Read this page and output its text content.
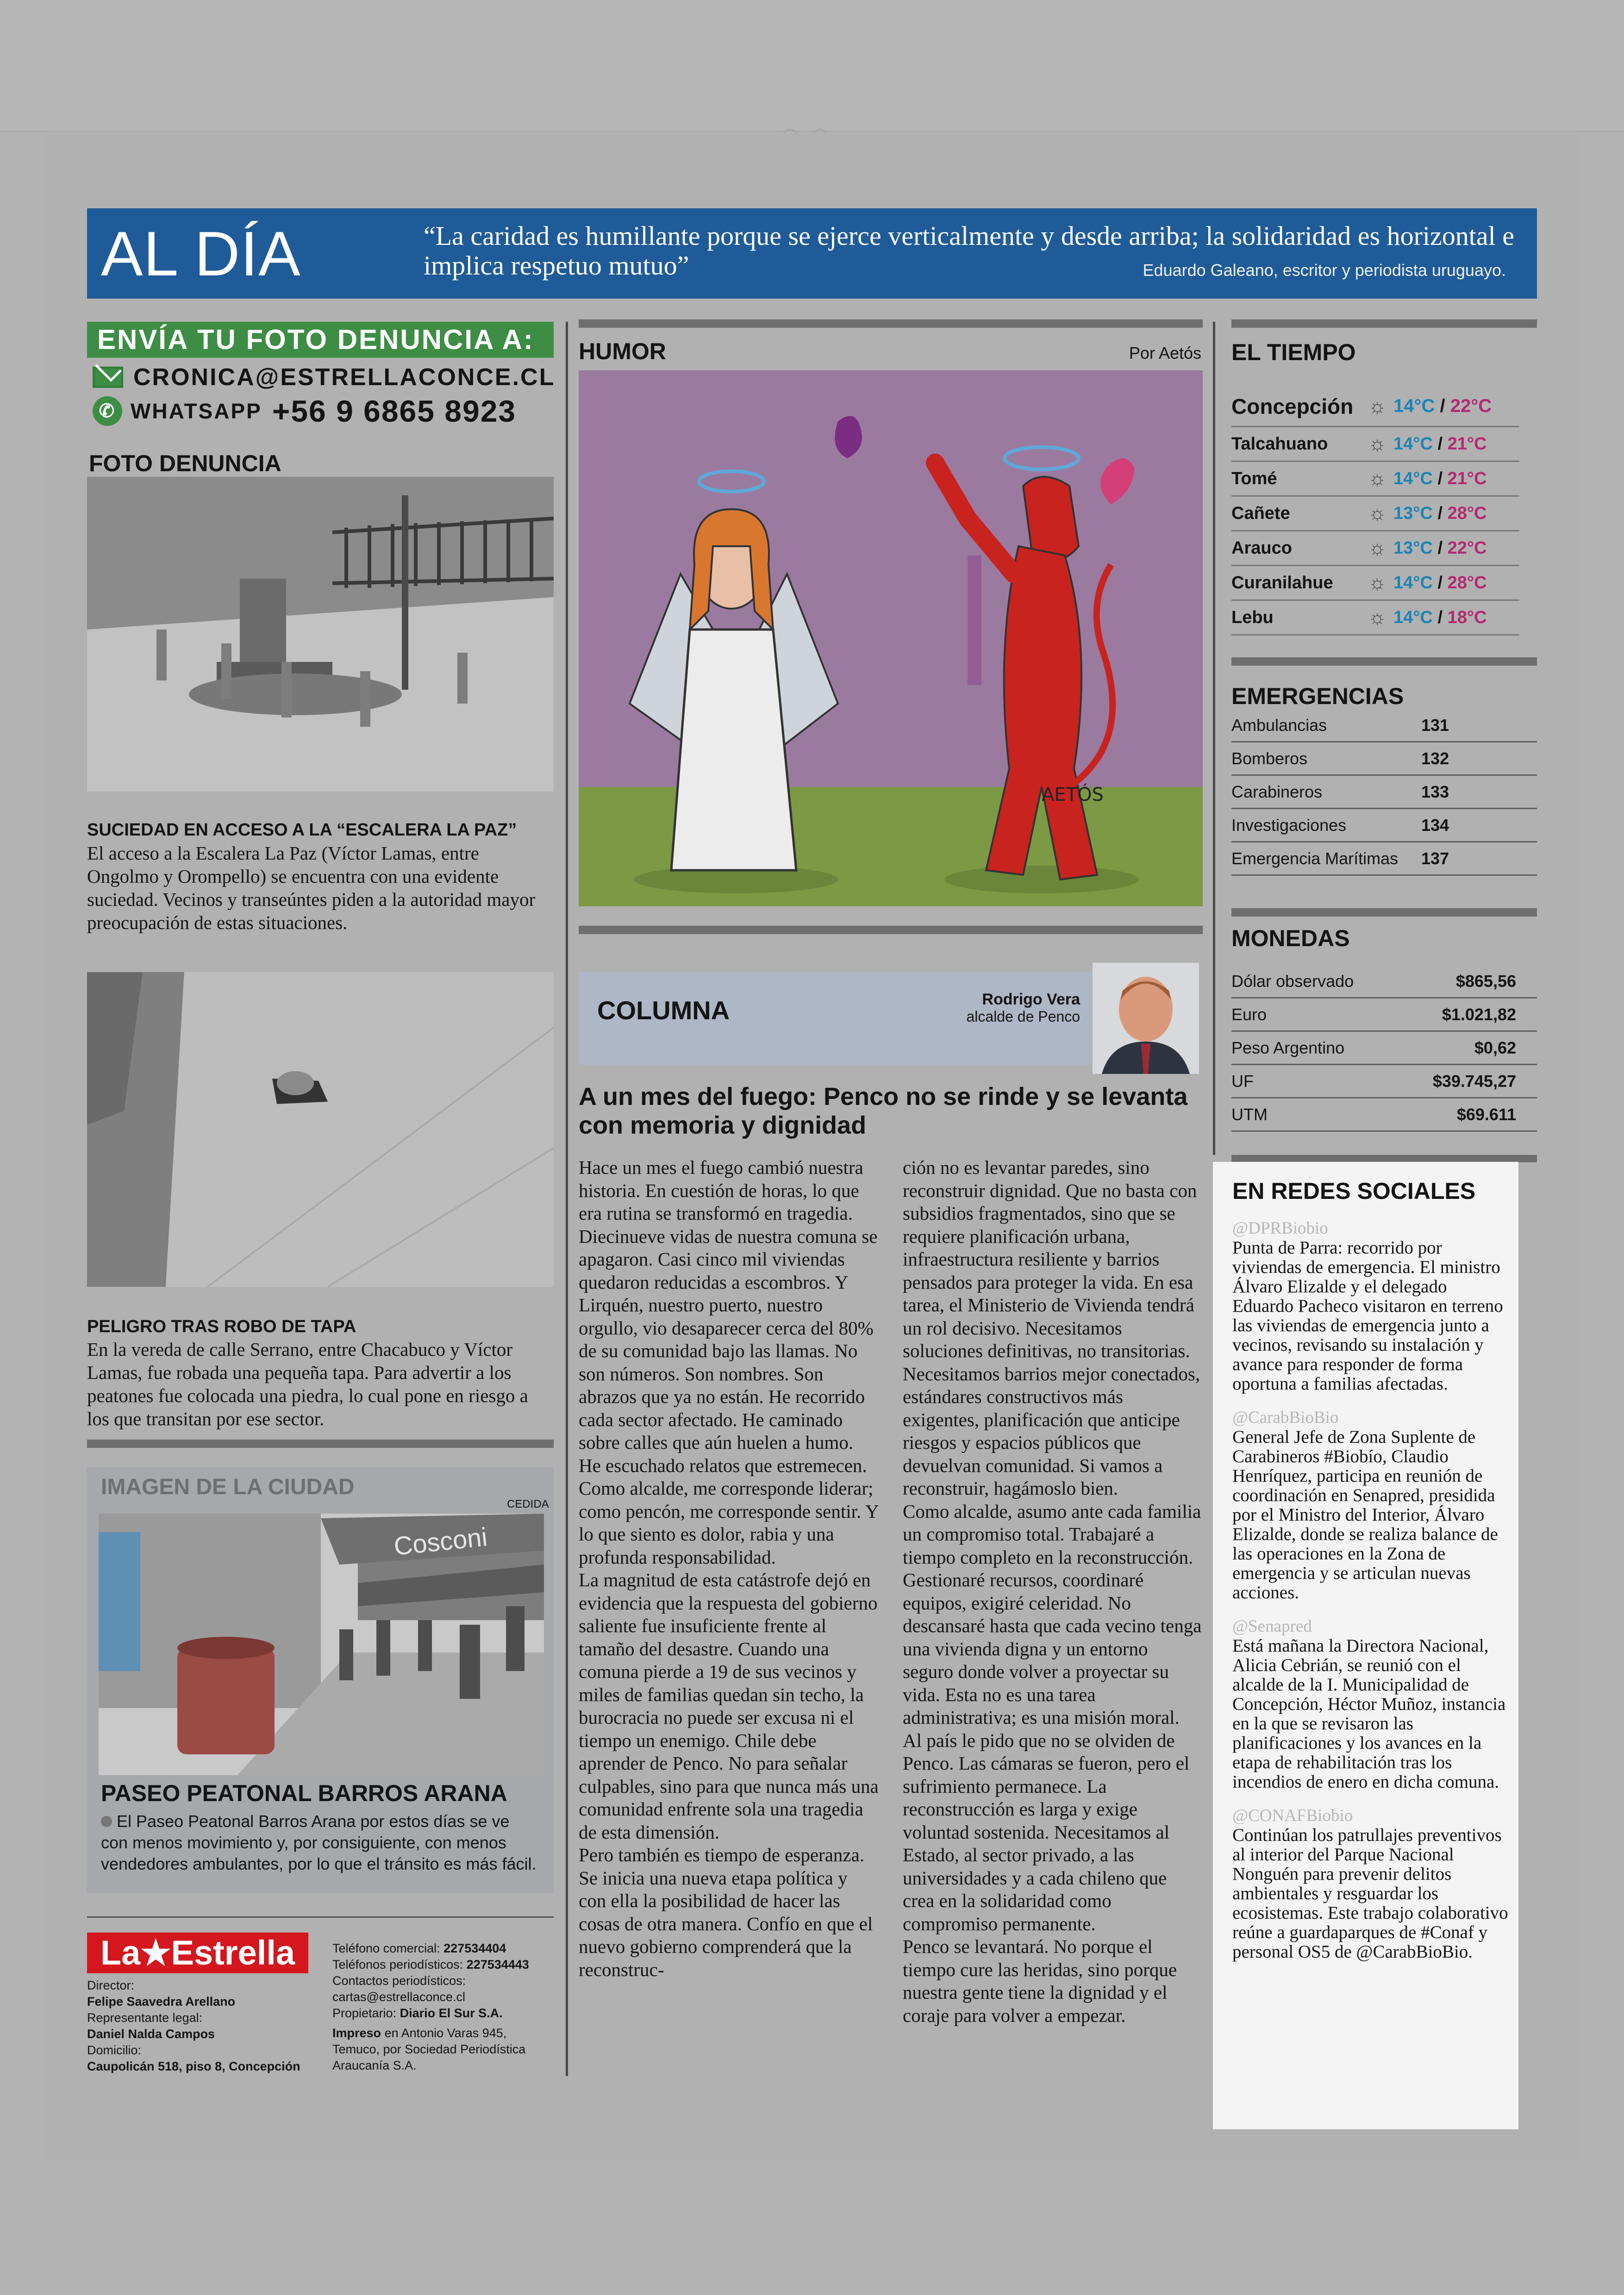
AL DÍA	“La caridad es humillante porque se ejerce verticalmente y desde arriba; la solidaridad es horizontal e implica respetuo mutuo”	Eduardo Galeano, escritor y periodista uruguayo.
ENVÍA TU FOTO DENUNCIA A:
CRONICA@ESTRELLACONCE.CL
✆ WHATSAPP +56 9 6865 8923
FOTO DENUNCIA
SUCIEDAD EN ACCESO A LA “ESCALERA LA PAZ”
El acceso a la Escalera La Paz (Víctor Lamas, entre Ongolmo y Orompello) se encuentra con una evidente suciedad. Vecinos y transeúntes piden a la autoridad mayor preocupación de estas situaciones.
PELIGRO TRAS ROBO DE TAPA
En la vereda de calle Serrano, entre Chacabuco y Víctor Lamas, fue robada una pequeña tapa. Para advertir a los peatones fue colocada una piedra, lo cual pone en riesgo a los que transitan por ese sector.
IMAGEN DE LA CIUDAD
CEDIDA
Cosconi
PASEO PEATONAL BARROS ARANA
El Paseo Peatonal Barros Arana por estos días se ve con menos movimiento y, por consiguiente, con menos vendedores ambulantes, por lo que el tránsito es más fácil.
La★Estrella
Director:
Felipe Saavedra Arellano
Representante legal:
Daniel Nalda Campos
Domicilio:
Caupolicán 518, piso 8, Concepción
Teléfono comercial: 227534404
Teléfonos periodísticos: 227534443
Contactos periodísticos:
cartas@estrellaconce.cl
Propietario: Diario El Sur S.A.
Impreso en Antonio Varas 945, Temuco, por Sociedad Periodística Araucanía S.A.
HUMOR	Por Aetós
AETÓS
COLUMNA	Rodrigo Vera
alcalde de Penco
A un mes del fuego: Penco no se rinde y se levanta con memoria y dignidad

Hace un mes el fuego cambió nuestra historia. En cuestión de horas, lo que era rutina se transformó en tragedia. Diecinueve vidas de nuestra comuna se apagaron. Casi cinco mil viviendas quedaron reducidas a escombros. Y Lirquén, nuestro puerto, nuestro orgullo, vio desaparecer cerca del 80% de su comunidad bajo las llamas. No son números. Son nombres. Son abrazos que ya no están. He recorrido cada sector afectado. He caminado sobre calles que aún huelen a humo. He escuchado relatos que estremecen. Como alcalde, me corresponde liderar; como pencón, me corresponde sentir. Y lo que siento es dolor, rabia y una profunda responsabilidad.

La magnitud de esta catástrofe dejó en evidencia que la respuesta del gobierno saliente fue insuficiente frente al tamaño del desastre. Cuando una comuna pierde a 19 de sus vecinos y miles de familias quedan sin techo, la burocracia no puede ser excusa ni el tiempo un enemigo. Chile debe aprender de Penco. No para señalar culpables, sino para que nunca más una comunidad enfrente sola una tragedia de esta dimensión.

Pero también es tiempo de esperanza. Se inicia una nueva etapa política y con ella la posibilidad de hacer las cosas de otra manera. Confío en que el nuevo gobierno comprenderá que la reconstruc-

ción no es levantar paredes, sino reconstruir dignidad. Que no basta con subsidios fragmentados, sino que se requiere planificación urbana, infraestructura resiliente y barrios pensados para proteger la vida. En esa tarea, el Ministerio de Vivienda tendrá un rol decisivo. Necesitamos soluciones definitivas, no transitorias. Necesitamos barrios mejor conectados, estándares constructivos más exigentes, planificación que anticipe riesgos y espacios públicos que devuelvan comunidad. Si vamos a reconstruir, hagámoslo bien.

Como alcalde, asumo ante cada familia un compromiso total. Trabajaré a tiempo completo en la reconstrucción. Gestionaré recursos, coordinaré equipos, exigiré celeridad. No descansaré hasta que cada vecino tenga una vivienda digna y un entorno seguro donde volver a proyectar su vida. Esta no es una tarea administrativa; es una misión moral.

Al país le pido que no se olviden de Penco. Las cámaras se fueron, pero el sufrimiento permanece. La reconstrucción es larga y exige voluntad sostenida. Necesitamos al Estado, al sector privado, a las universidades y a cada chileno que crea en la solidaridad como compromiso permanente.

Penco se levantará. No porque el tiempo cure las heridas, sino porque nuestra gente tiene la dignidad y el coraje para volver a empezar.

EL TIEMPO
Concepción ☼ 14°C / 22°C
Talcahuano	☼ 14°C / 21°C
Tomé	☼ 14°C / 21°C
Cañete	☼ 13°C / 28°C
Arauco	☼ 13°C / 22°C
Curanilahue	☼ 14°C / 28°C
Lebu	☼ 14°C / 18°C
EMERGENCIAS
Ambulancias	131
Bomberos	132
Carabineros	133
Investigaciones	134
Emergencia Marítimas	137
MONEDAS
Dólar observado	$865,56
Euro	$1.021,82
Peso Argentino	$0,62
UF	$39.745,27
UTM	$69.611
EN REDES SOCIALES
@DPRBiobio
Punta de Parra: recorrido por viviendas de emergencia. El ministro Álvaro Elizalde y el delegado Eduardo Pacheco visitaron en terreno las viviendas de emergencia junto a vecinos, revisando su instalación y avance para responder de forma oportuna a familias afectadas.
@CarabBioBio
General Jefe de Zona Suplente de Carabineros #Biobío, Claudio Henríquez, participa en reunión de coordinación en Senapred, presidida por el Ministro del Interior, Álvaro Elizalde, donde se realiza balance de las operaciones en la Zona de emergencia y se articulan nuevas acciones.
@Senapred
Está mañana la Directora Nacional, Alicia Cebrián, se reunió con el alcalde de la I. Municipalidad de Concepción, Héctor Muñoz, instancia en la que se revisaron las planificaciones y los avances en la etapa de rehabilitación tras los incendios de enero en dicha comuna.
@CONAFBiobio
Continúan los patrullajes preventivos al interior del Parque Nacional Nonguén para prevenir delitos ambientales y resguardar los ecosistemas. Este trabajo colaborativo reúne a guardaparques de #Conaf y personal OS5 de @CarabBioBio.
